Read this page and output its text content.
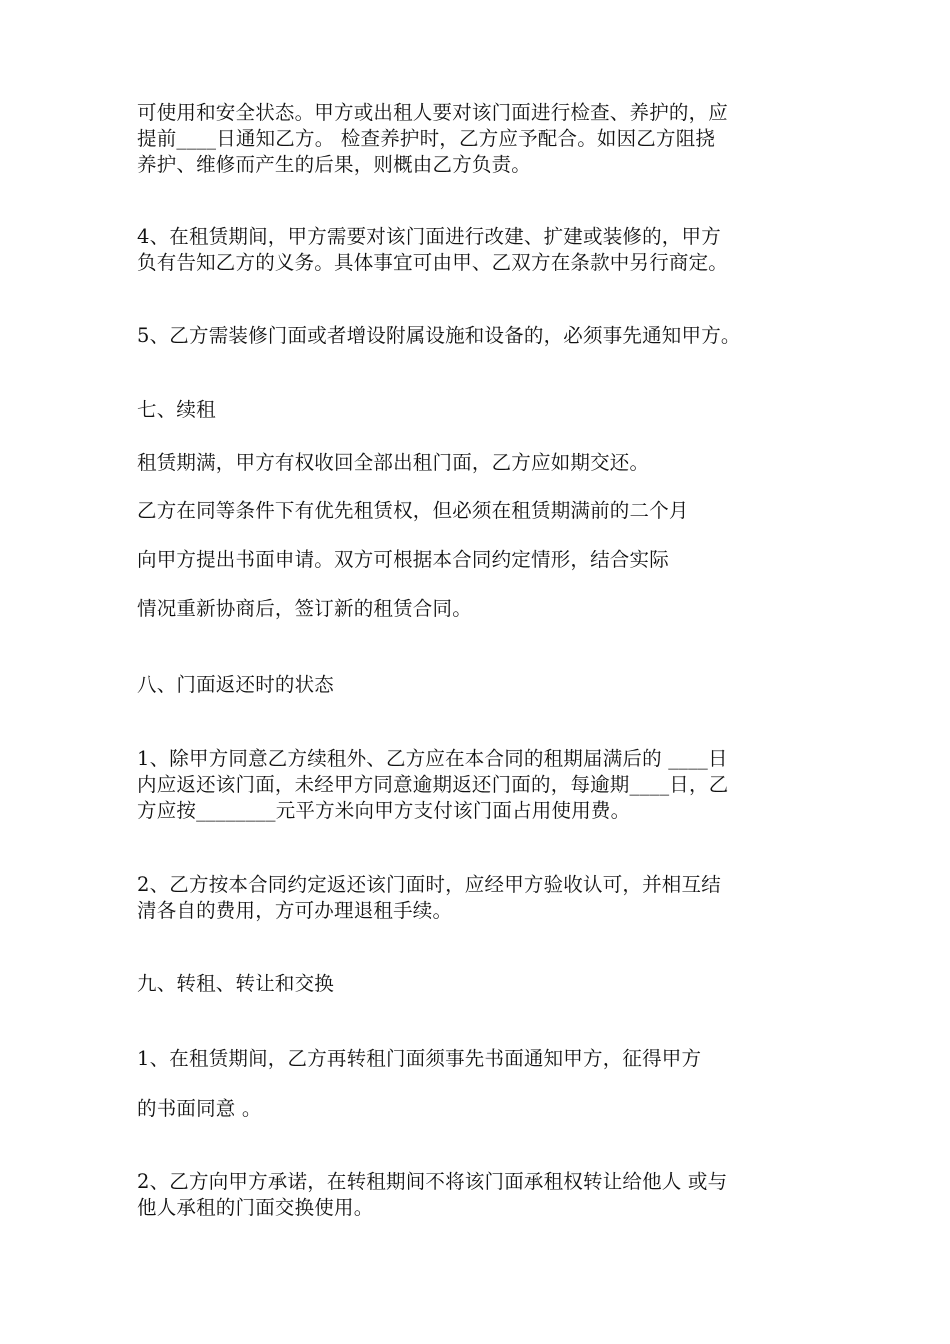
可使用和安全状态。甲方或出租人要对该门面进行检查、养护的，应
提前____日通知乙方。 检查养护时，乙方应予配合。如因乙方阻挠
养护、维修而产生的后果，则概由乙方负责。
4、在租赁期间，甲方需要对该门面进行改建、扩建或装修的，甲方
负有告知乙方的义务。具体事宜可由甲、乙双方在条款中另行商定。
5、乙方需装修门面或者增设附属设施和设备的，必须事先通知甲方。
七、续租
租赁期满，甲方有权收回全部出租门面，乙方应如期交还。
乙方在同等条件下有优先租赁权，但必须在租赁期满前的二个月
向甲方提出书面申请。双方可根据本合同约定情形，结合实际
情况重新协商后，签订新的租赁合同。
八、门面返还时的状态
1、除甲方同意乙方续租外、乙方应在本合同的租期届满后的 ____日
内应返还该门面，未经甲方同意逾期返还门面的，每逾期____日，乙
方应按________元平方米向甲方支付该门面占用使用费。
2、乙方按本合同约定返还该门面时，应经甲方验收认可，并相互结
清各自的费用，方可办理退租手续。
九、转租、转让和交换
1、在租赁期间，乙方再转租门面须事先书面通知甲方，征得甲方
的书面同意 。
2、乙方向甲方承诺，在转租期间不将该门面承租权转让给他人 或与
他人承租的门面交换使用。
